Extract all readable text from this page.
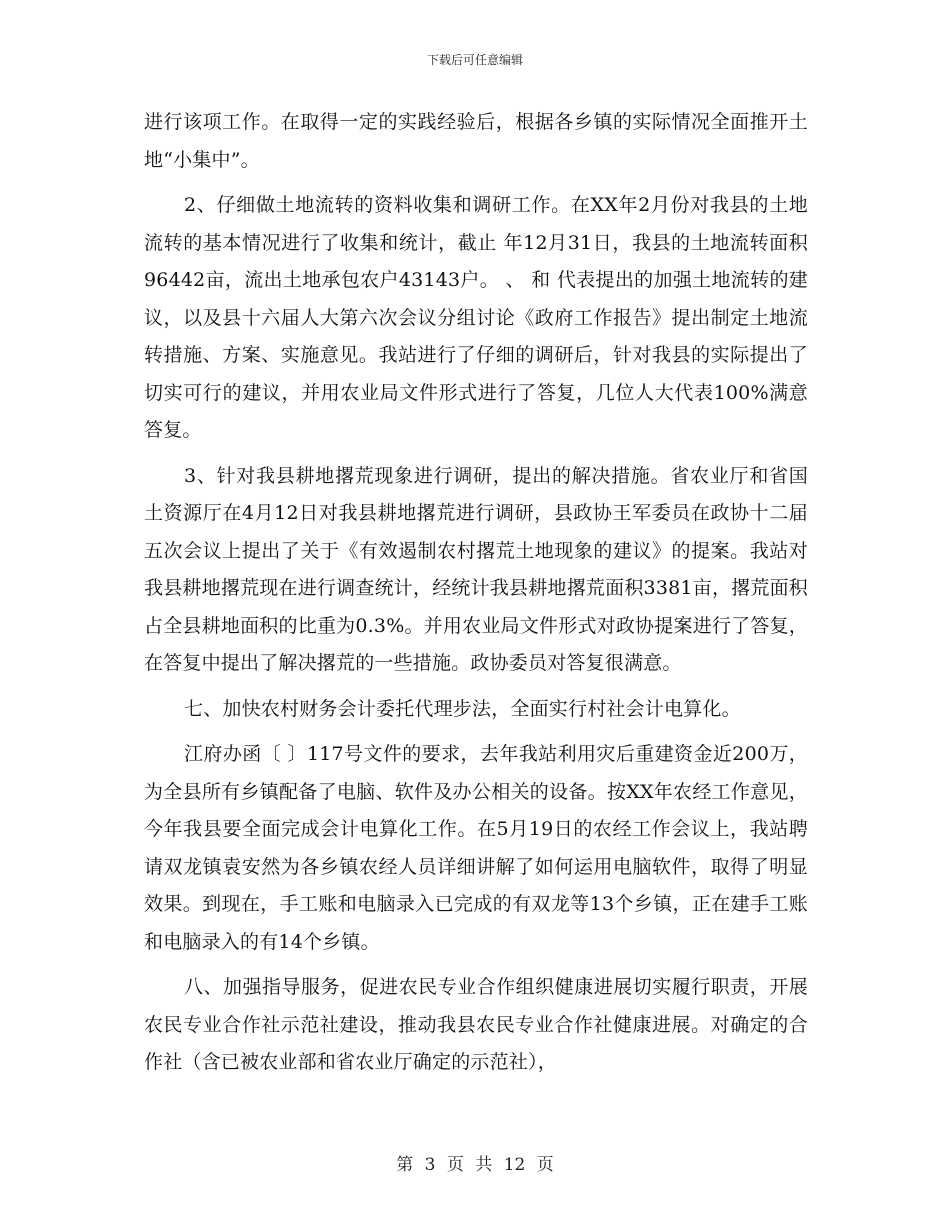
下载后可任意编辑

进行该项工作。在取得一定的实践经验后，根据各乡镇的实际情况全面推开土地“小集中”。

2、仔细做土地流转的资料收集和调研工作。在XX年2月份对我县的土地流转的基本情况进行了收集和统计，截止 年12月31日，我县的土地流转面积96442亩，流出土地承包农户43143户。 、 和 代表提出的加强土地流转的建议，以及县十六届人大第六次会议分组讨论《政府工作报告》提出制定土地流转措施、方案、实施意见。我站进行了仔细的调研后，针对我县的实际提出了切实可行的建议，并用农业局文件形式进行了答复，几位人大代表100%满意答复。

3、针对我县耕地撂荒现象进行调研，提出的解决措施。省农业厅和省国土资源厅在4月12日对我县耕地撂荒进行调研，县政协王军委员在政协十二届五次会议上提出了关于《有效遏制农村撂荒土地现象的建议》的提案。我站对我县耕地撂荒现在进行调查统计，经统计我县耕地撂荒面积3381亩，撂荒面积占全县耕地面积的比重为0.3%。并用农业局文件形式对政协提案进行了答复，在答复中提出了解决撂荒的一些措施。政协委员对答复很满意。

七、加快农村财务会计委托代理步法，全面实行村社会计电算化。

江府办函〔 〕117号文件的要求，去年我站利用灾后重建资金近200万，为全县所有乡镇配备了电脑、软件及办公相关的设备。按XX年农经工作意见，今年我县要全面完成会计电算化工作。在5月19日的农经工作会议上，我站聘请双龙镇袁安然为各乡镇农经人员详细讲解了如何运用电脑软件，取得了明显效果。到现在，手工账和电脑录入已完成的有双龙等13个乡镇，正在建手工账和电脑录入的有14个乡镇。

八、加强指导服务，促进农民专业合作组织健康进展切实履行职责，开展农民专业合作社示范社建设，推动我县农民专业合作社健康进展。对确定的合作社（含已被农业部和省农业厅确定的示范社），

第 3 页 共 12 页
